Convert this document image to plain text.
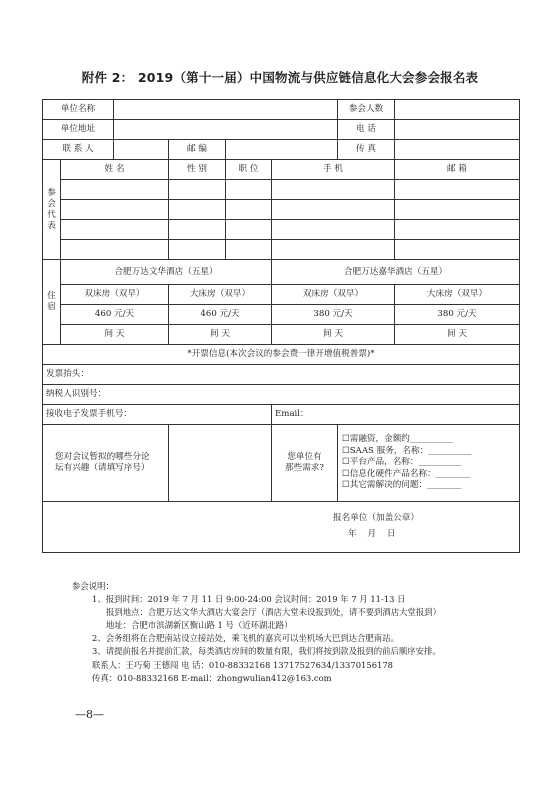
附件 2： 2019（第十一届）中国物流与供应链信息化大会参会报名表
单位名称						参会人数	
单位地址						电 话	
联 系 人			邮 编			传 真	
参会代表	姓 名		性 别	职 位	手 机		邮 箱

住宿	合肥万达文华酒店（五星）				合肥万达嘉华酒店（五星）		
	双床房（双早）		大床房（双早）		双床房（双早）		大床房（双早）
	460 元/天		460 元/天		380 元/天		380 元/天
	间 天		间 天		间 天		间 天
*开票信息(本次会议的参会费一律开增值税普票)*							
发票抬头：							
纳税人识别号：							
接收电子发票手机号：					Email：		
您对会议暂拟的哪些分论坛有兴趣（请填写序号）					您单位有那些需求?	☐需融资，金额约__________
☐SAAS 服务，名称：__________
☐平台产品，名称：__________
☐信息化硬件产品名称：________
☐其它需解决的问题：________	

报名单位（加盖公章）
年    月    日							
参会说明：
1、报到时间：2019 年 7 月 11 日 9:00-24:00 会议时间：2019 年 7 月 11-13 日
报到地点：合肥万达文华大酒店大宴会厅（酒店大堂未设报到处，请不要到酒店大堂报到）
地址：合肥市滨湖新区衡山路 1 号（近环湖北路）
2、会务组将在合肥南站设立接站处，乘飞机的嘉宾可以坐机场大巴到达合肥南站。
3、请提前报名并提前汇款，每类酒店房间的数量有限，我们将按到款及报到的前后顺序安排。
联系人：王巧菊 王德闯 电 话：010-88332168 13717527634/13370156178
传真：010-88332168 E-mail：zhongwulian412@163.com
—8—
